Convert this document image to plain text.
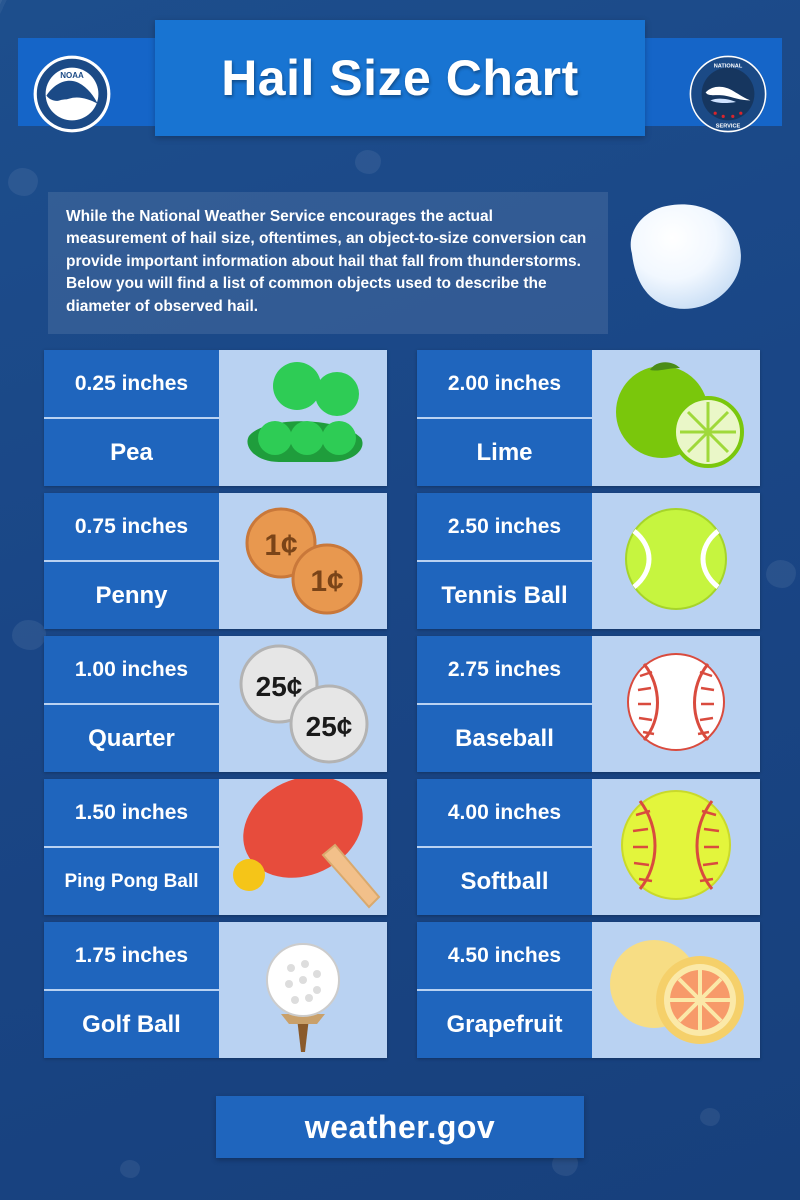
Hail Size Chart
NOAA
NATIONAL
SERVICE
While the National Weather Service encourages the actual measurement of hail size, oftentimes, an object-to-size conversion can provide important information about hail that fall from thunderstorms. Below you will find a list of common objects used to describe the diameter of observed hail.
0.25 inches
Pea
0.75 inches
Penny
1¢
1¢
1.00 inches
Quarter
25¢
25¢
1.50 inches
Ping Pong Ball
1.75 inches
Golf Ball
2.00 inches
Lime
2.50 inches
Tennis Ball
2.75 inches
Baseball
4.00 inches
Softball
4.50 inches
Grapefruit
weather.gov
